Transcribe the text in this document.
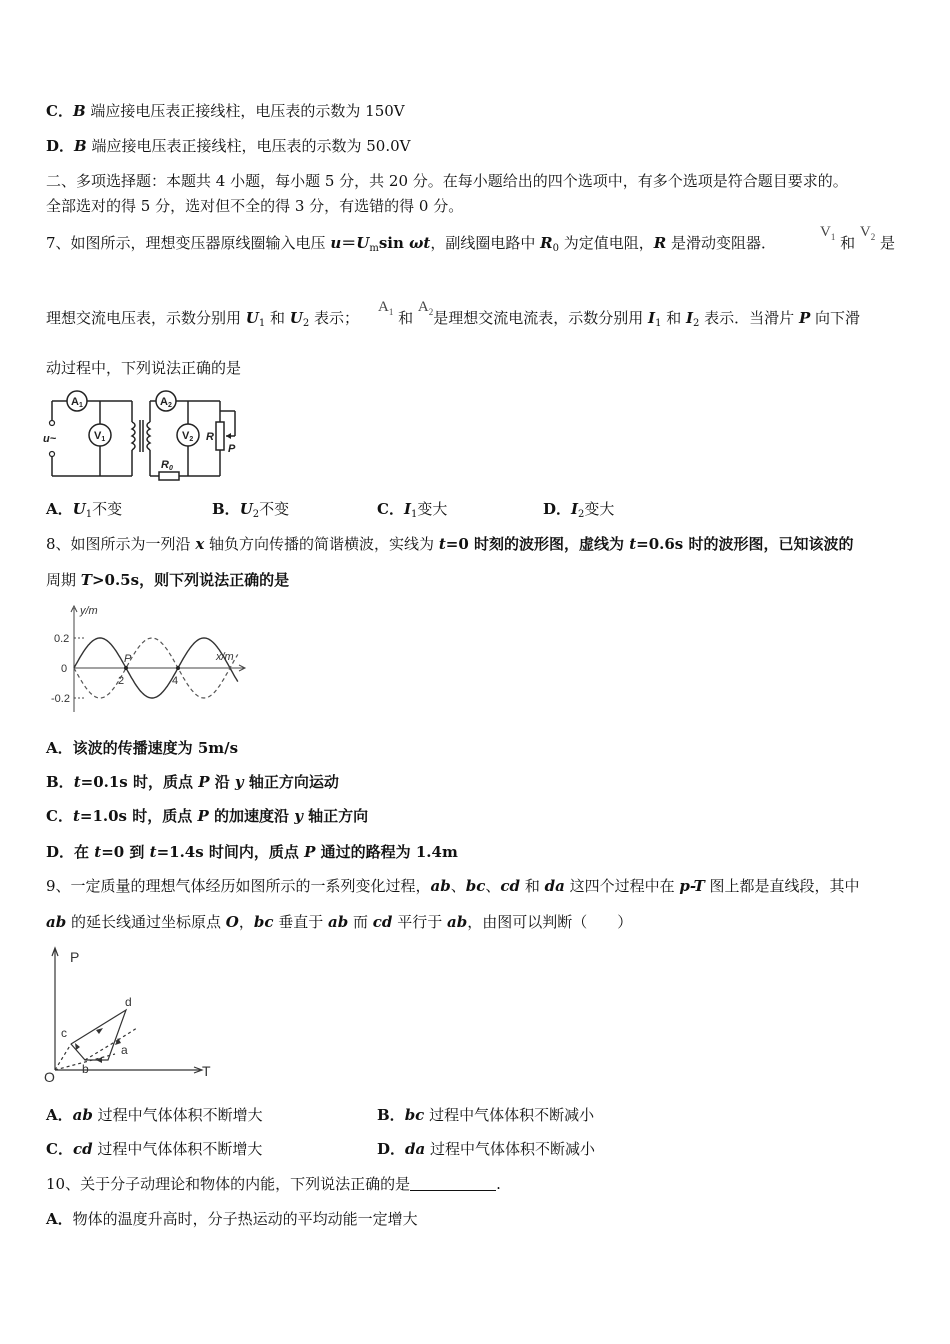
C．B 端应接电压表正接线柱，电压表的示数为 150V
D．B 端应接电压表正接线柱，电压表的示数为 50.0V
二、多项选择题：本题共 4 小题，每小题 5 分，共 20 分。在每小题给出的四个选项中，有多个选项是符合题目要求的。
全部选对的得 5 分，选对但不全的得 3 分，有选错的得 0 分。
7、如图所示，理想变压器原线圈输入电压 $u=U_m\sin$ ωt，副线圈电路中 $R_0$ 为定值电阻，R 是滑动变阻器．
$V_1$ 和 $V_2$ 是
理想交流电压表，示数分别用 $U_1$ 和 $U_2$ 表示；
$A_1$ 和 $A_2$是理想交流电流表，示数分别用 $I_1$ 和 $I_2$ 表示．当滑片 P 向下滑
动过程中，下列说法正确的是
A1
V1
A2
V2 R
P
R0
u~
A．$U_1$不变	B．$U_2$不变	C．$I_1$变大	D．$I_2$变大
8、如图所示为一列沿 x 轴负方向传播的简谐横波，实线为 t=0 时刻的波形图，虚线为 t=0.6s 时的波形图，已知该波的
周期 T>0.5s，则下列说法正确的是
y/m
x/m
0.2
0
-0.2
2	4
P
A．该波的传播速度为 5m/s
B．t=0.1s 时，质点 P 沿 y 轴正方向运动
C．t=1.0s 时，质点 P 的加速度沿 y 轴正方向
D．在 t=0 到 t=1.4s 时间内，质点 P 通过的路程为 1.4m
9、一定质量的理想气体经历如图所示的一系列变化过程，ab、bc、cd 和 da 这四个过程中在 p-T 图上都是直线段，其中
ab 的延长线通过坐标原点 O，bc 垂直于 ab 而 cd 平行于 ab，由图可以判断（　　）
P
T
O
a
b
c
d
A．ab 过程中气体体积不断增大	B．bc 过程中气体体积不断减小
C．cd 过程中气体体积不断增大	D．da 过程中气体体积不断减小
10、关于分子动理论和物体的内能，下列说法正确的是	.
A．物体的温度升高时，分子热运动的平均动能一定增大
